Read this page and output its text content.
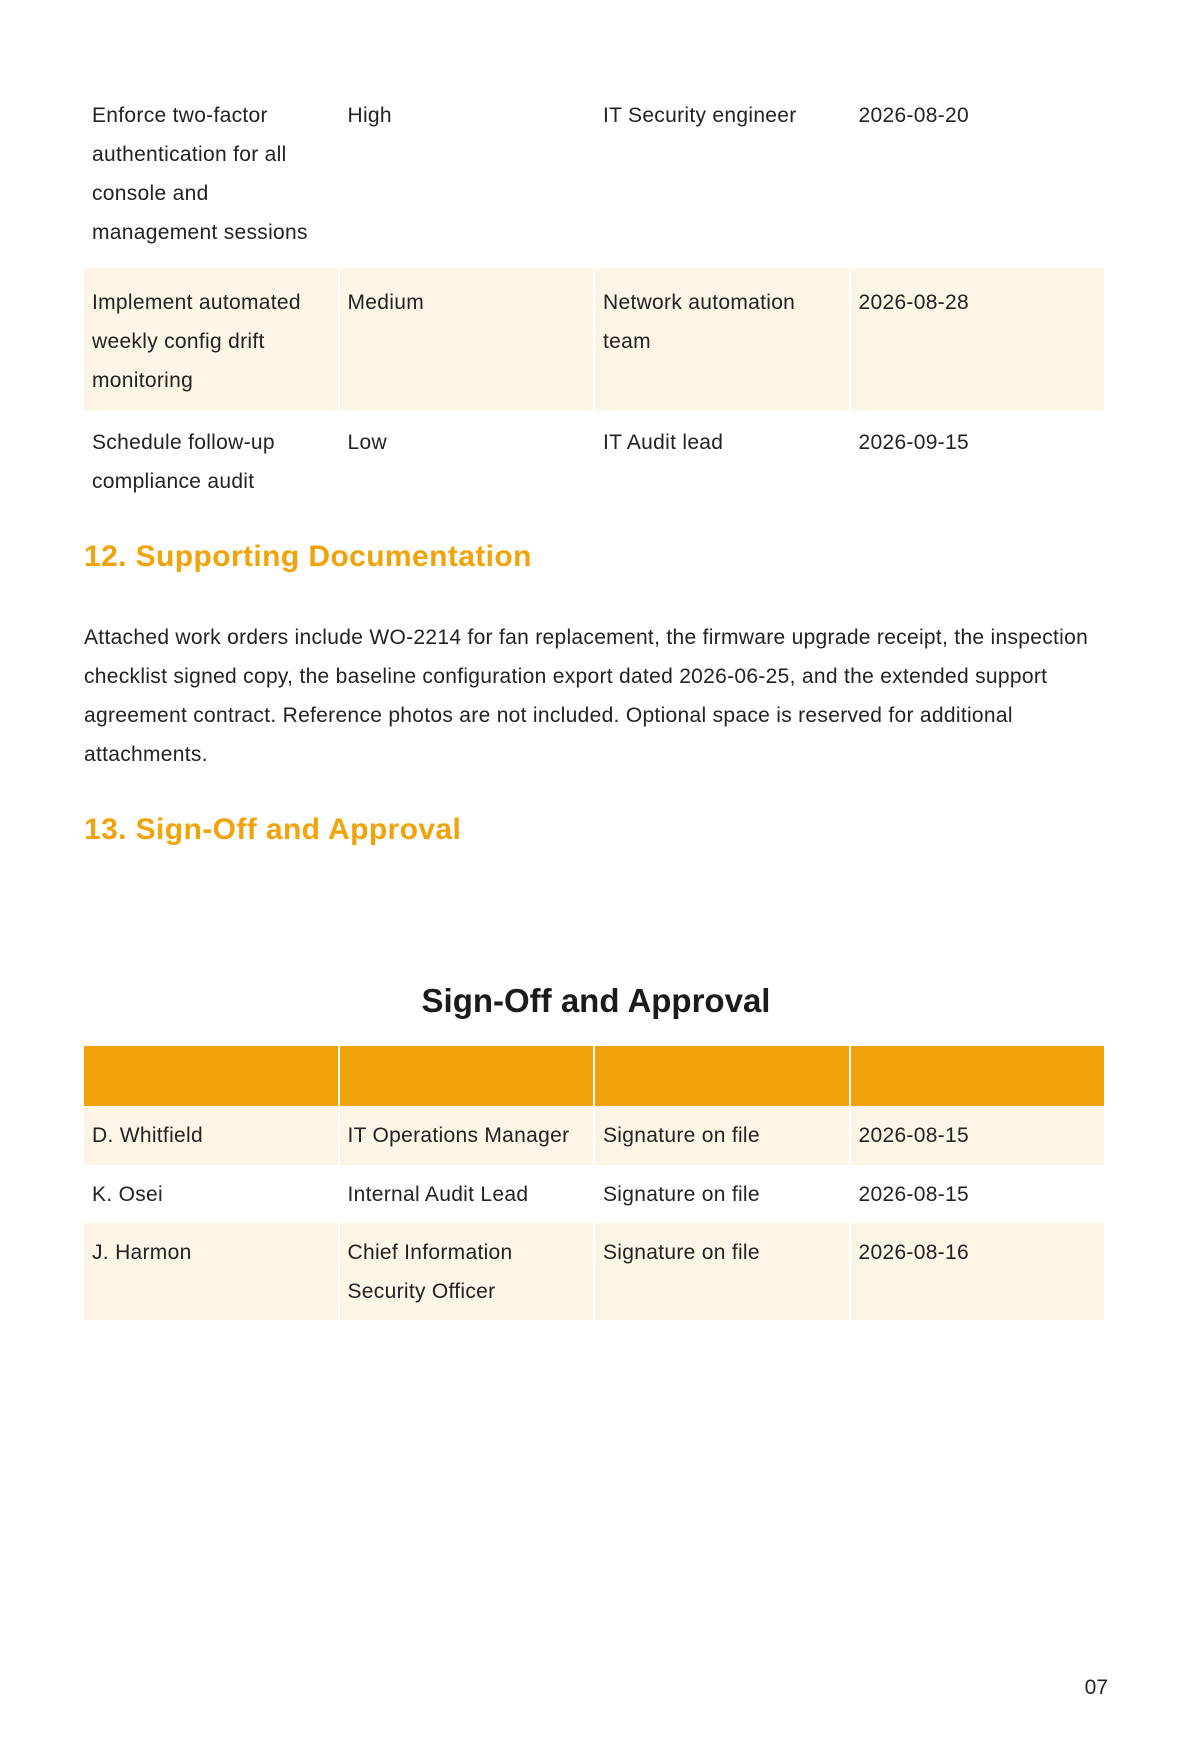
Enforce two-factor authentication for all console and management sessions	High	IT Security engineer	2026-08-20
Implement automated weekly config drift monitoring	Medium	Network automation team	2026-08-28
Schedule follow-up compliance audit	Low	IT Audit lead	2026-09-15
12. Supporting Documentation

Attached work orders include WO-2214 for fan replacement, the firmware upgrade receipt, the inspection checklist signed copy, the baseline configuration export dated 2026-06-25, and the extended support agreement contract. Reference photos are not included. Optional space is reserved for additional attachments.

13. Sign-Off and Approval
Sign-Off and Approval

D. Whitfield	IT Operations Manager	Signature on file	2026-08-15
K. Osei	Internal Audit Lead	Signature on file	2026-08-15
J. Harmon	Chief Information Security Officer	Signature on file	2026-08-16
07
